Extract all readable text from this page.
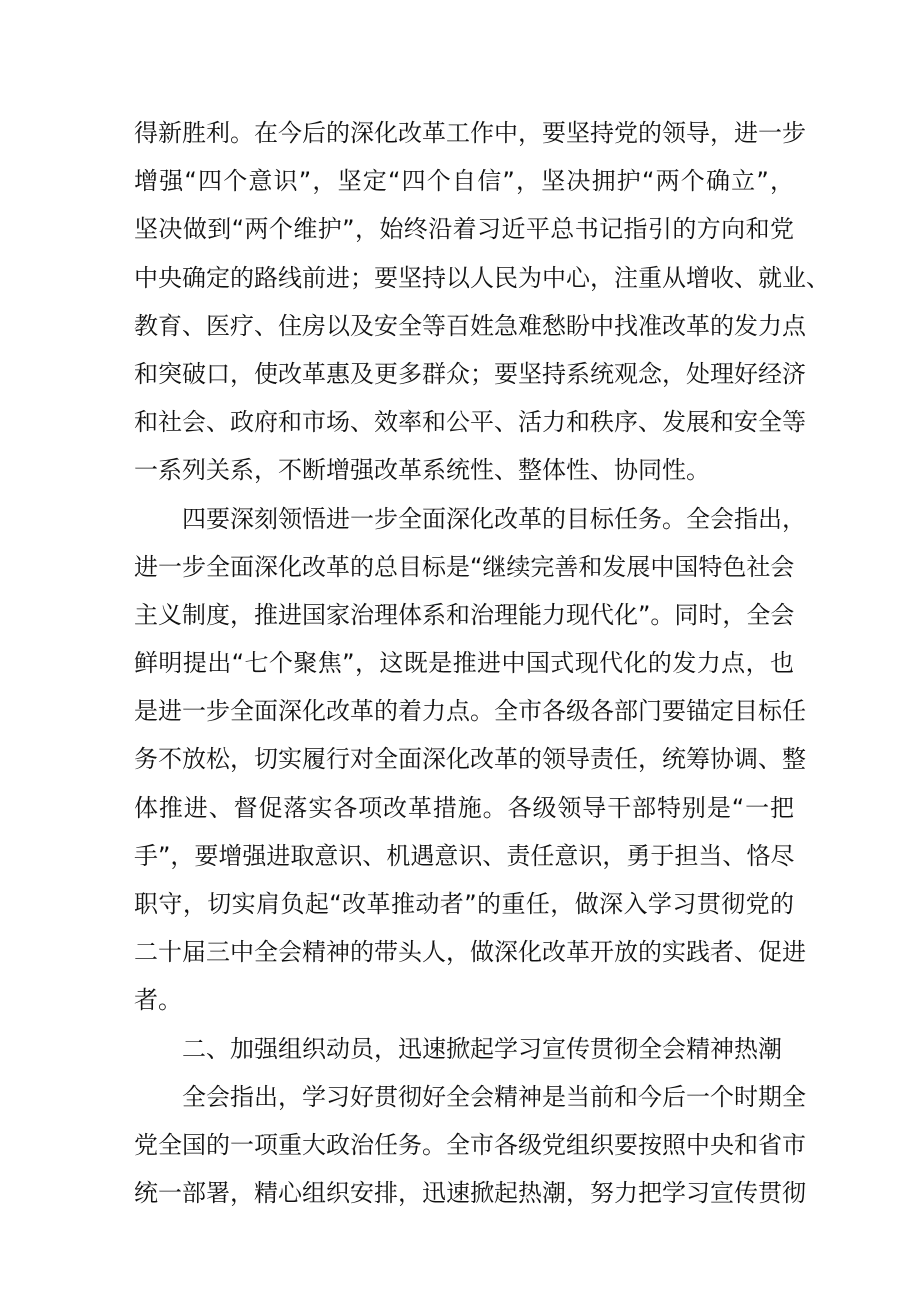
得新胜利。在今后的深化改革工作中，要坚持党的领导，进一步
增强“四个意识”，坚定“四个自信”，坚决拥护“两个确立”，
坚决做到“两个维护”，始终沿着习近平总书记指引的方向和党
中央确定的路线前进；要坚持以人民为中心，注重从增收、就业、
教育、医疗、住房以及安全等百姓急难愁盼中找准改革的发力点
和突破口，使改革惠及更多群众；要坚持系统观念，处理好经济
和社会、政府和市场、效率和公平、活力和秩序、发展和安全等
一系列关系，不断增强改革系统性、整体性、协同性。
四要深刻领悟进一步全面深化改革的目标任务。全会指出，
进一步全面深化改革的总目标是“继续完善和发展中国特色社会
主义制度，推进国家治理体系和治理能力现代化”。同时，全会
鲜明提出“七个聚焦”，这既是推进中国式现代化的发力点，也
是进一步全面深化改革的着力点。全市各级各部门要锚定目标任
务不放松，切实履行对全面深化改革的领导责任，统筹协调、整
体推进、督促落实各项改革措施。各级领导干部特别是“一把
手”，要增强进取意识、机遇意识、责任意识，勇于担当、恪尽
职守，切实肩负起“改革推动者”的重任，做深入学习贯彻党的
二十届三中全会精神的带头人，做深化改革开放的实践者、促进
者。
二、加强组织动员，迅速掀起学习宣传贯彻全会精神热潮
全会指出，学习好贯彻好全会精神是当前和今后一个时期全
党全国的一项重大政治任务。全市各级党组织要按照中央和省市
统一部署，精心组织安排，迅速掀起热潮，努力把学习宣传贯彻
